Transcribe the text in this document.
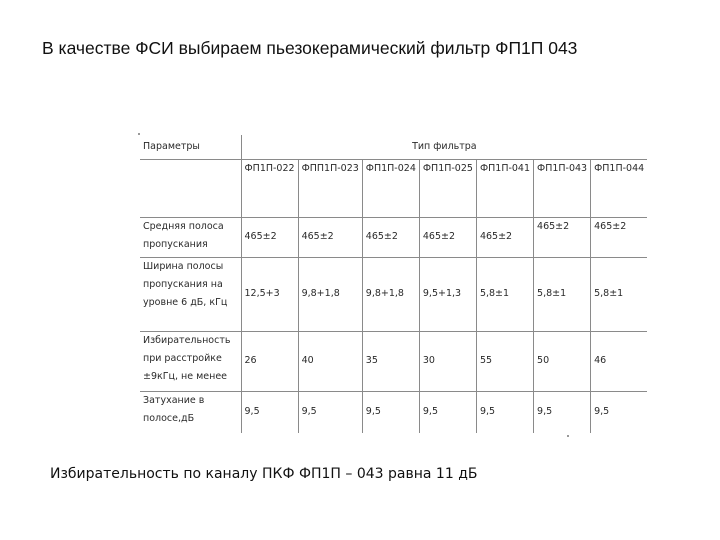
В качестве ФСИ выбираем пьезокерамический фильтр ФП1П 043
Параметры	Тип фильтра						
	ФП1П-022	ФПП1П-023	ФП1П-024	ФП1П-025	ФП1П-041	ФП1П-043	ФП1П-044
Средняя полоса пропускания	465±2	465±2	465±2	465±2	465±2	465±2	465±2
Ширина полосы пропускания на уровне 6 дБ, кГц	12,5+3	9,8+1,8	9,8+1,8	9,5+1,3	5,8±1	5,8±1	5,8±1
Избирательность при расстройке ±9кГц, не менее	26	40	35	30	55	50	46
Затухание в полосе,дБ	9,5	9,5	9,5	9,5	9,5	9,5	9,5
Избирательность по каналу ПКФ ФП1П – 043 равна 11 дБ
